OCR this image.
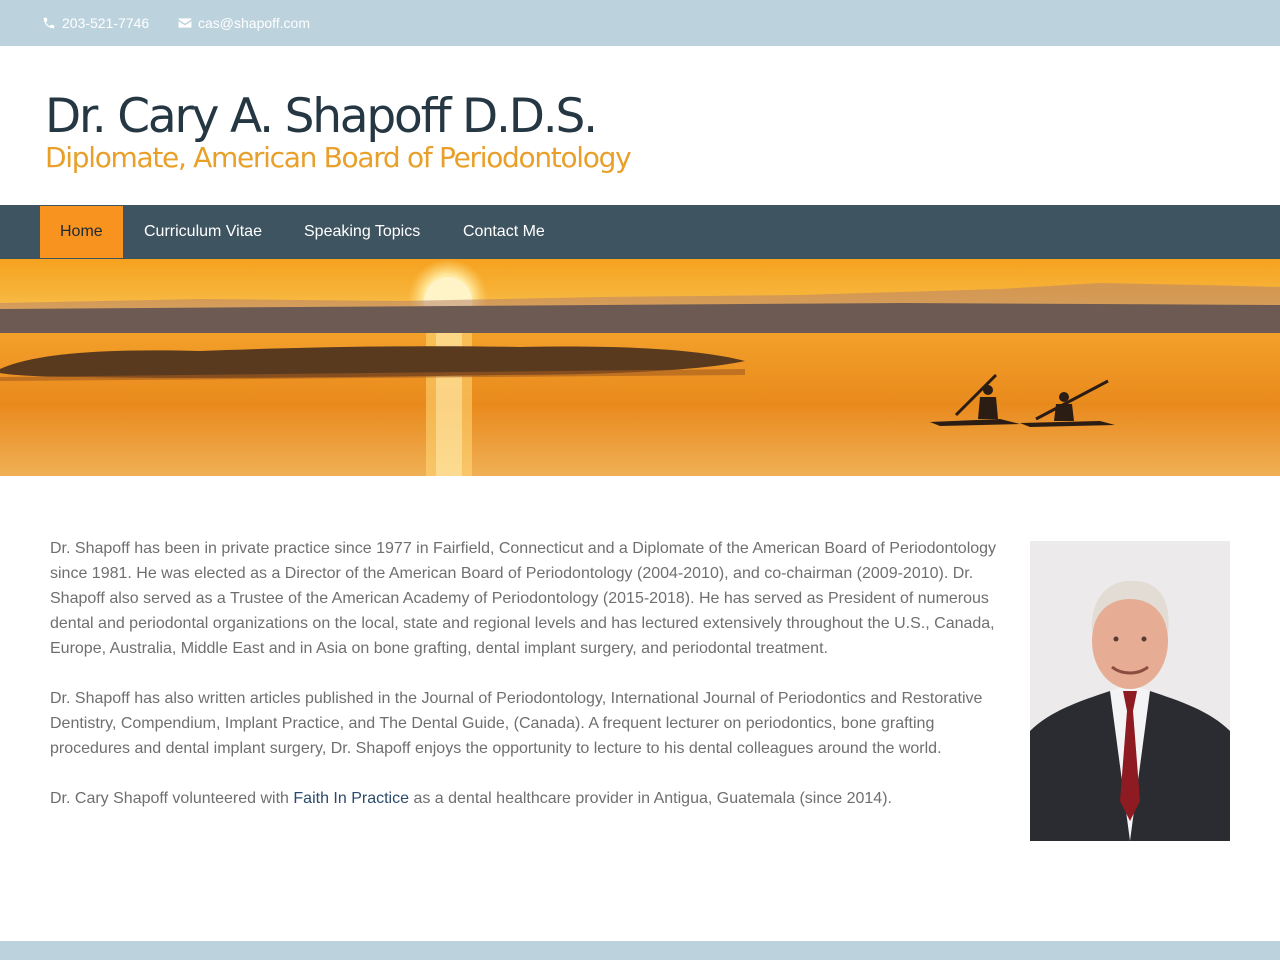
203-521-7746	cas@shapoff.com
Dr. Cary A. Shapoff D.D.S.
Diplomate, American Board of Periodontology
Home	Curriculum Vitae	Speaking Topics	Contact Me

Dr. Shapoff has been in private practice since 1977 in Fairfield, Connecticut and a Diplomate of the American Board of Periodontology since 1981. He was elected as a Director of the American Board of Periodontology (2004-2010), and co-chairman (2009-2010). Dr. Shapoff also served as a Trustee of the American Academy of Periodontology (2015-2018). He has served as President of numerous dental and periodontal organizations on the local, state and regional levels and has lectured extensively throughout the U.S., Canada, Europe, Australia, Middle East and in Asia on bone grafting, dental implant surgery, and periodontal treatment.

Dr. Shapoff has also written articles published in the Journal of Periodontology, International Journal of Periodontics and Restorative Dentistry, Compendium, Implant Practice, and The Dental Guide, (Canada). A frequent lecturer on periodontics, bone grafting procedures and dental implant surgery, Dr. Shapoff enjoys the opportunity to lecture to his dental colleagues around the world.

Dr. Cary Shapoff volunteered with Faith In Practice as a dental healthcare provider in Antigua, Guatemala (since 2014).
